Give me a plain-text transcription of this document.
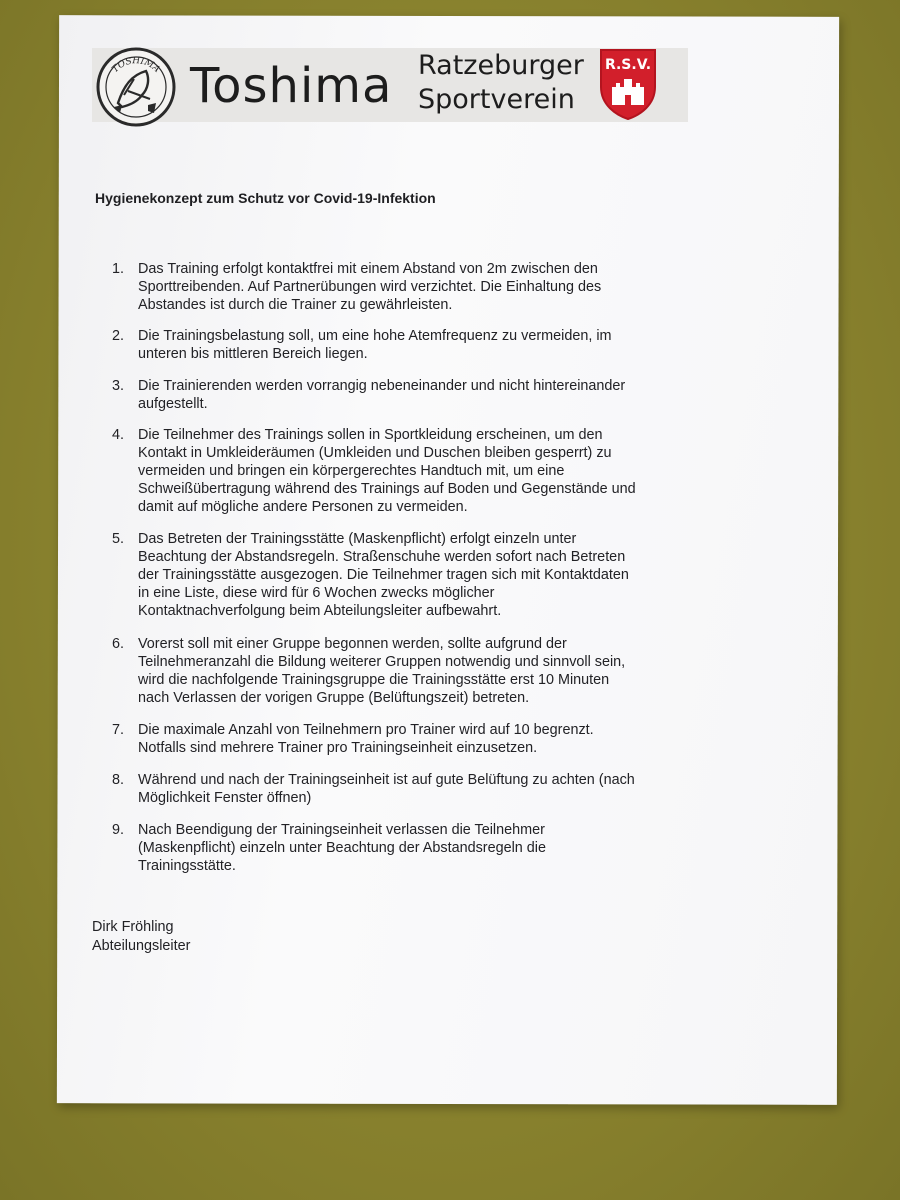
TOSHIMA Toshima Ratzeburger
Sportverein
R.S.V.
Hygienekonzept zum Schutz vor Covid-19-Infektion
1. Das Training erfolgt kontaktfrei mit einem Abstand von 2m zwischen den
Sporttreibenden. Auf Partnerübungen wird verzichtet. Die Einhaltung des
Abstandes ist durch die Trainer zu gewährleisten.
2. Die Trainingsbelastung soll, um eine hohe Atemfrequenz zu vermeiden, im
unteren bis mittleren Bereich liegen.
3. Die Trainierenden werden vorrangig nebeneinander und nicht hintereinander
aufgestellt.
4. Die Teilnehmer des Trainings sollen in Sportkleidung erscheinen, um den
Kontakt in Umkleideräumen (Umkleiden und Duschen bleiben gesperrt) zu
vermeiden und bringen ein körpergerechtes Handtuch mit, um eine
Schweißübertragung während des Trainings auf Boden und Gegenstände und
damit auf mögliche andere Personen zu vermeiden.
5. Das Betreten der Trainingsstätte (Maskenpflicht) erfolgt einzeln unter
Beachtung der Abstandsregeln. Straßenschuhe werden sofort nach Betreten
der Trainingsstätte ausgezogen. Die Teilnehmer tragen sich mit Kontaktdaten
in eine Liste, diese wird für 6 Wochen zwecks möglicher
Kontaktnachverfolgung beim Abteilungsleiter aufbewahrt.
6. Vorerst soll mit einer Gruppe begonnen werden, sollte aufgrund der
Teilnehmeranzahl die Bildung weiterer Gruppen notwendig und sinnvoll sein,
wird die nachfolgende Trainingsgruppe die Trainingsstätte erst 10 Minuten
nach Verlassen der vorigen Gruppe (Belüftungszeit) betreten.
7. Die maximale Anzahl von Teilnehmern pro Trainer wird auf 10 begrenzt.
Notfalls sind mehrere Trainer pro Trainingseinheit einzusetzen.
8. Während und nach der Trainingseinheit ist auf gute Belüftung zu achten (nach
Möglichkeit Fenster öffnen)
9. Nach Beendigung der Trainingseinheit verlassen die Teilnehmer
(Maskenpflicht) einzeln unter Beachtung der Abstandsregeln die
Trainingsstätte.
Dirk Fröhling
Abteilungsleiter
